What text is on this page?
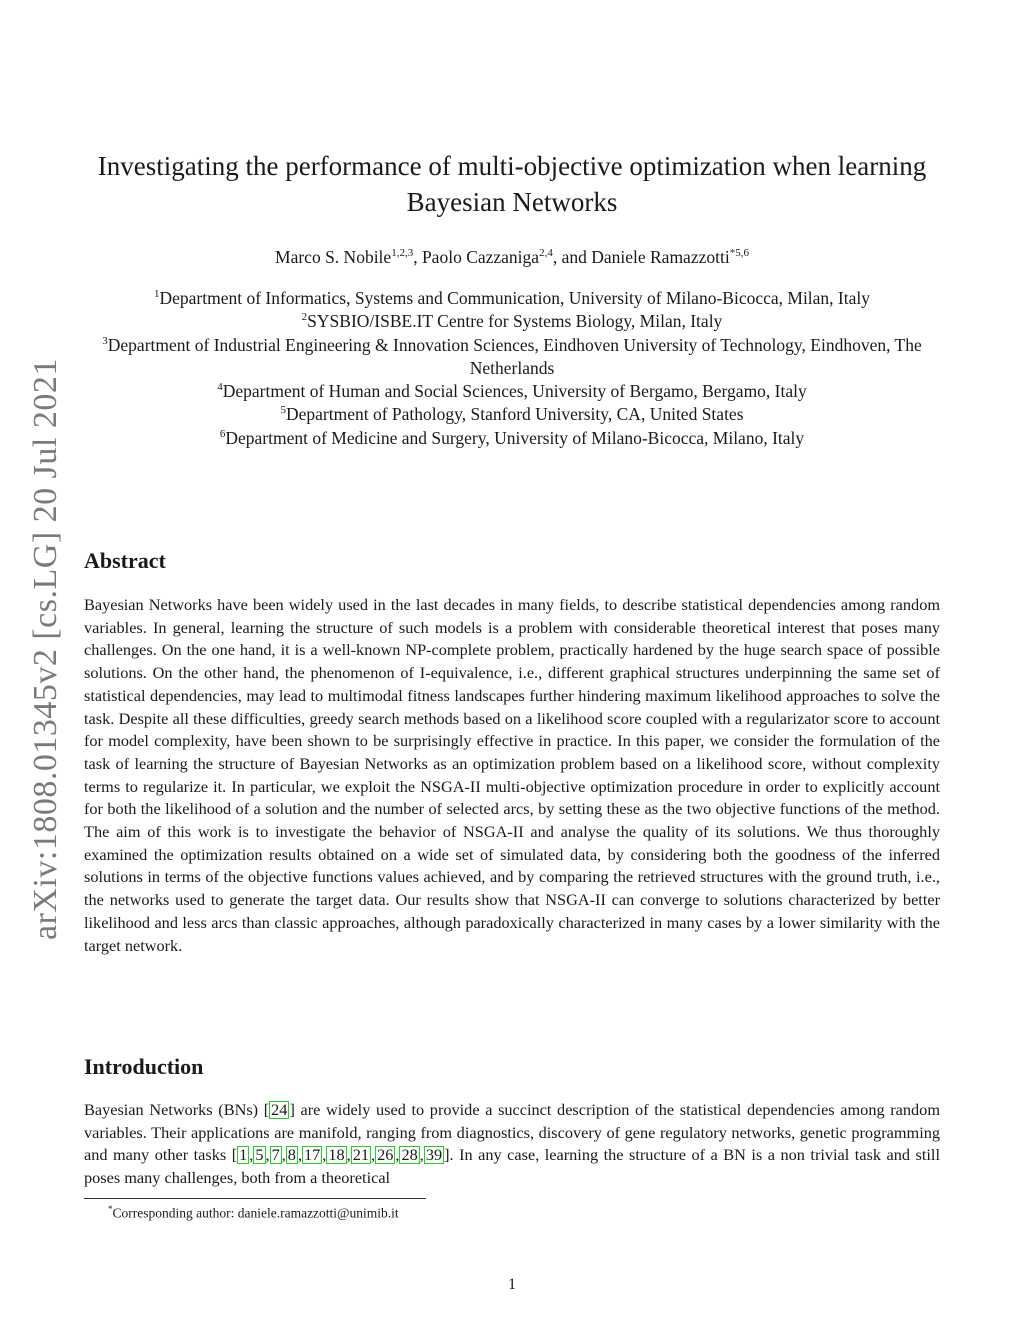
arXiv:1808.01345v2 [cs.LG] 20 Jul 2021
Investigating the performance of multi-objective optimization when learning Bayesian Networks
Marco S. Nobile$^{1,2,3}$, Paolo Cazzaniga$^{2,4}$, and Daniele Ramazzotti$^{*5,6}$
$^1$Department of Informatics, Systems and Communication, University of Milano-Bicocca, Milan, Italy
$^2$SYSBIO/ISBE.IT Centre for Systems Biology, Milan, Italy
$^3$Department of Industrial Engineering & Innovation Sciences, Eindhoven University of Technology, Eindhoven, The Netherlands
$^4$Department of Human and Social Sciences, University of Bergamo, Bergamo, Italy
$^5$Department of Pathology, Stanford University, CA, United States
$^6$Department of Medicine and Surgery, University of Milano-Bicocca, Milano, Italy
Abstract

Bayesian Networks have been widely used in the last decades in many fields, to describe statistical dependencies among random variables. In general, learning the structure of such models is a problem with considerable theoretical interest that poses many challenges. On the one hand, it is a well-known NP-complete problem, practically hardened by the huge search space of possible solutions. On the other hand, the phenomenon of I-equivalence, i.e., different graphical structures underpinning the same set of statistical dependencies, may lead to multimodal fitness landscapes further hindering maximum likelihood approaches to solve the task. Despite all these difficulties, greedy search methods based on a likelihood score coupled with a regularizator score to account for model complexity, have been shown to be surprisingly effective in practice. In this paper, we consider the formulation of the task of learning the structure of Bayesian Networks as an optimization problem based on a likelihood score, without complexity terms to regularize it. In particular, we exploit the NSGA-II multi-objective optimization procedure in order to explicitly account for both the likelihood of a solution and the number of selected arcs, by setting these as the two objective functions of the method. The aim of this work is to investigate the behavior of NSGA-II and analyse the quality of its solutions. We thus thoroughly examined the optimization results obtained on a wide set of simulated data, by considering both the goodness of the inferred solutions in terms of the objective functions values achieved, and by comparing the retrieved structures with the ground truth, i.e., the networks used to generate the target data. Our results show that NSGA-II can converge to solutions characterized by better likelihood and less arcs than classic approaches, although paradoxically characterized in many cases by a lower similarity with the target network.

Introduction

Bayesian Networks (BNs) [ 24 ] are widely used to provide a succinct description of the statistical dependencies among random variables. Their applications are manifold, ranging from diagnostics, discovery of gene regulatory networks, genetic programming and many other tasks [ 1 , 5 , 7 , 8 , 17 , 18 , 21 , 26 , 28 , 39 ]. In any case, learning the structure of a BN is a non trivial task and still poses many challenges, both from a theoretical

*Corresponding author: daniele.ramazzotti@unimib.it
1
